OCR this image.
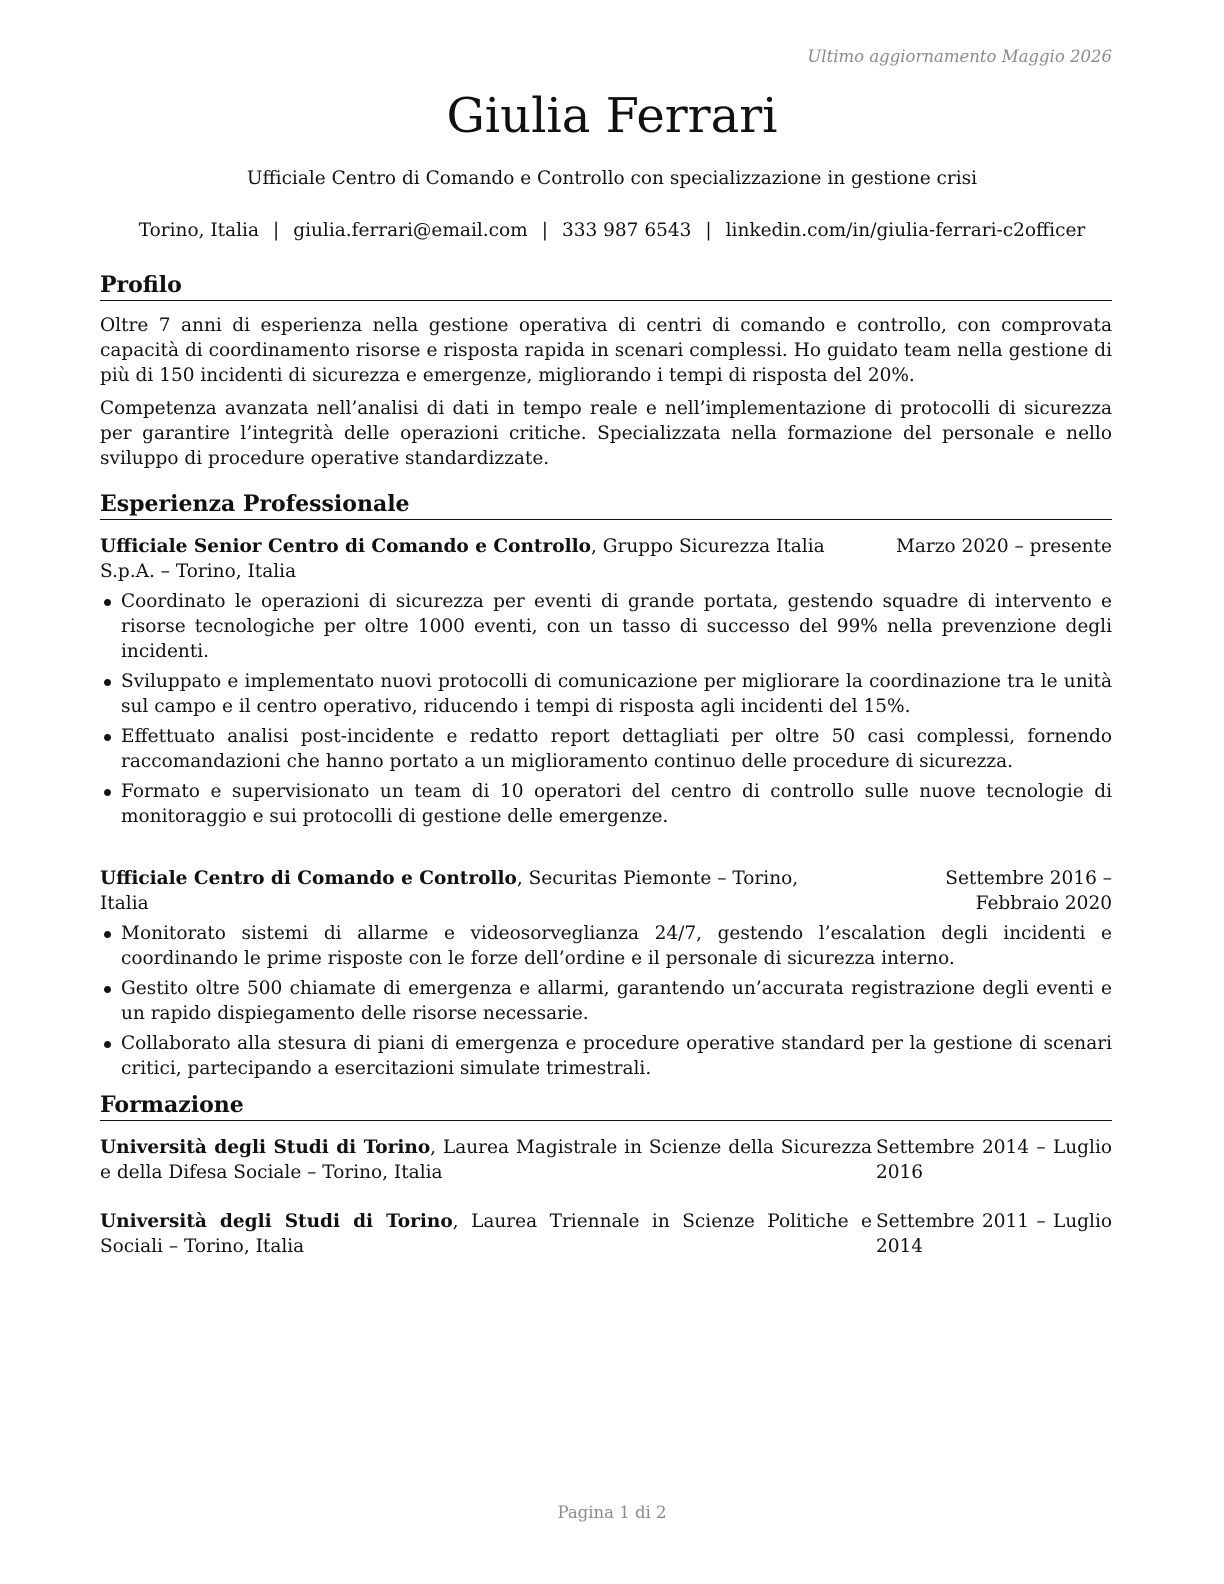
Ultimo aggiornamento Maggio 2026
Giulia Ferrari
Ufficiale Centro di Comando e Controllo con specializzazione in gestione crisi
Torino, Italia | giulia.ferrari@email.com | 333 987 6543 | linkedin.com/in/giulia-ferrari-c2officer
Profilo

Oltre 7 anni di esperienza nella gestione operativa di centri di comando e controllo, con comprovata capacità di coordinamento risorse e risposta rapida in scenari complessi. Ho guidato team nella gestione di più di 150 incidenti di sicurezza e emergenze, migliorando i tempi di risposta del 20%.

Competenza avanzata nell’analisi di dati in tempo reale e nell’implementazione di protocolli di sicurezza per garantire l’integrità delle operazioni critiche. Specializzata nella formazione del personale e nello sviluppo di procedure operative standardizzate.

Esperienza Professionale
Ufficiale Senior Centro di Comando e Controllo, Gruppo Sicurezza Italia S.p.A. – Torino, Italia
Marzo 2020 – presente
Coordinato le operazioni di sicurezza per eventi di grande portata, gestendo squadre di intervento e risorse tecnologiche per oltre 1000 eventi, con un tasso di successo del 99% nella prevenzione degli incidenti.
Sviluppato e implementato nuovi protocolli di comunicazione per migliorare la coordinazione tra le unità sul campo e il centro operativo, riducendo i tempi di risposta agli incidenti del 15%.
Effettuato analisi post-incidente e redatto report dettagliati per oltre 50 casi complessi, fornendo raccomandazioni che hanno portato a un miglioramento continuo delle procedure di sicurezza.
Formato e supervisionato un team di 10 operatori del centro di controllo sulle nuove tecnologie di monitoraggio e sui protocolli di gestione delle emergenze.
Ufficiale Centro di Comando e Controllo, Securitas Piemonte – Torino, Italia
Settembre 2016 – Febbraio 2020
Monitorato sistemi di allarme e videosorveglianza 24/7, gestendo l’escalation degli incidenti e coordinando le prime risposte con le forze dell’ordine e il personale di sicurezza interno.
Gestito oltre 500 chiamate di emergenza e allarmi, garantendo un’accurata registrazione degli eventi e un rapido dispiegamento delle risorse necessarie.
Collaborato alla stesura di piani di emergenza e procedure operative standard per la gestione di scenari critici, partecipando a esercitazioni simulate trimestrali.
Formazione
Università degli Studi di Torino, Laurea Magistrale in Scienze della Sicurezza e della Difesa Sociale – Torino, Italia
Settembre 2014 – Luglio
2016
Università degli Studi di Torino, Laurea Triennale in Scienze Politiche e Sociali – Torino, Italia
Settembre 2011 – Luglio
2014
Pagina 1 di 2
